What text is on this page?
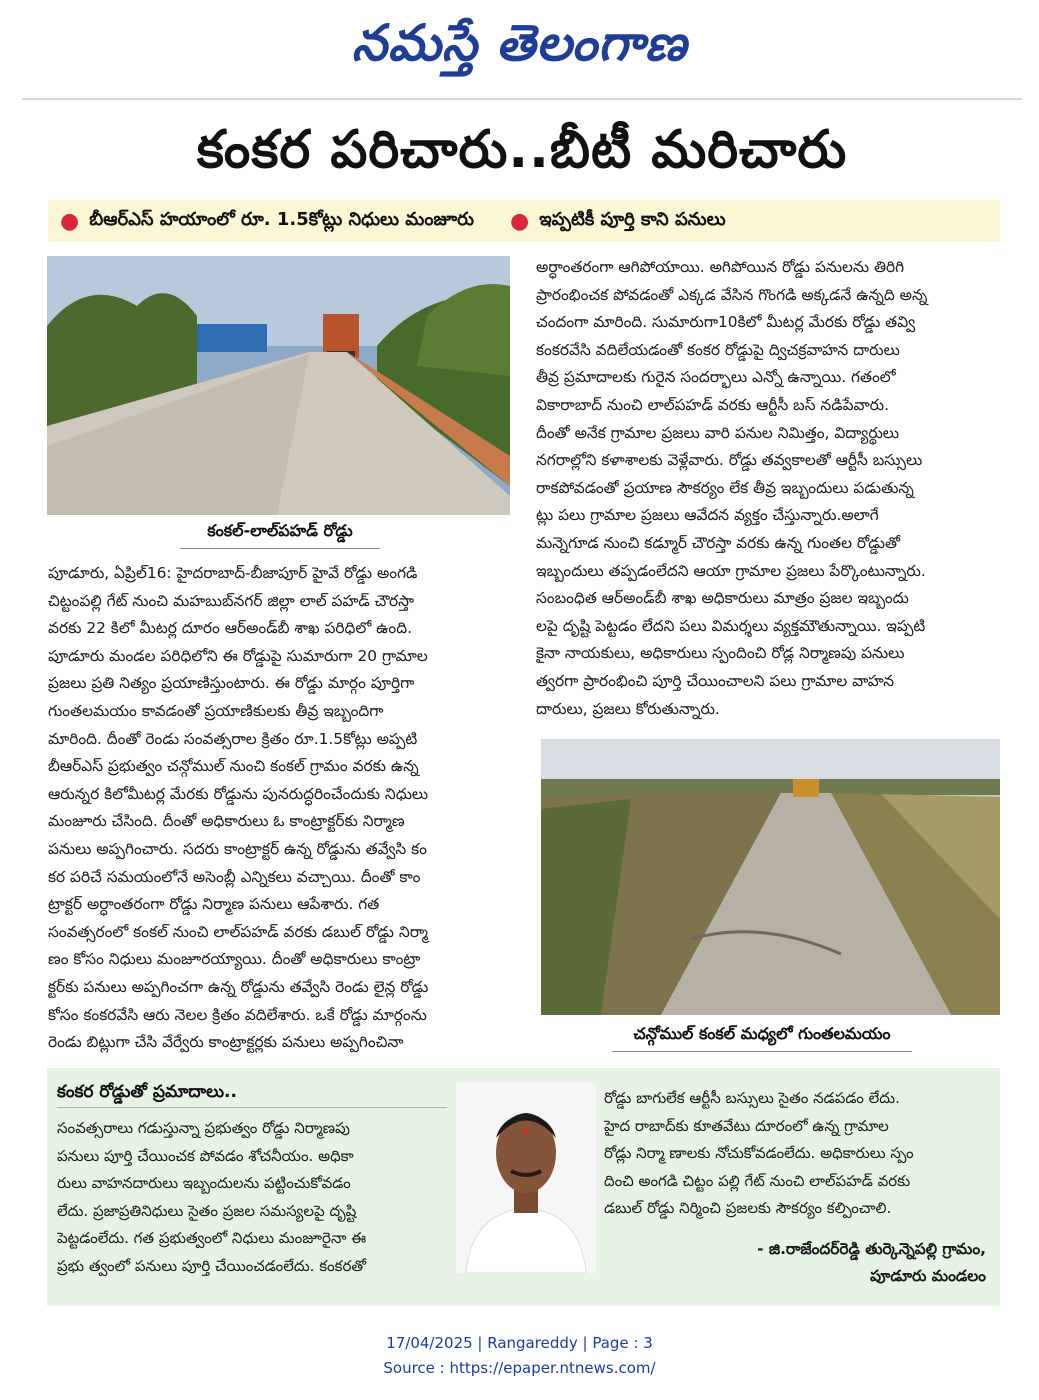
నమస్తే తెలంగాణ
కంకర పరిచారు..బీటీ మరిచారు
● బీఆర్ఎస్ హయాంలో రూ. 1.5కోట్లు నిధులు మంజూరు ● ఇప్పటికీ పూర్తి కాని పనులు
కంకల్‌-లాల్‌పహడ్ రోడ్డు
అర్ధాంతరంగా ఆగిపోయాయి. అగిపోయిన రోడ్డు పనులను తిరిగి
ప్రారంభించక పోవడంతో ఎక్కడ వేసిన గొంగడి అక్కడనే ఉన్నది అన్న
చందంగా మారింది. సుమారుగా10కిలో మీటర్ల మేరకు రోడ్డు తవ్వి
కంకరవేసి వదిలేయడంతో కంకర రోడ్డుపై ద్విచక్రవాహన దారులు
తీవ్ర ప్రమాదాలకు గురైన సందర్భాలు ఎన్నో ఉన్నాయి. గతంలో
వికారాబాద్ నుంచి లాల్‌పహడ్ వరకు ఆర్టీసీ బస్ నడిపేవారు.
దీంతో అనేక గ్రామాల ప్రజలు వారి పనుల నిమిత్తం, విద్యార్థులు
నగరాల్లోని కళాశాలకు వెళ్లేవారు. రోడ్డు తవ్వకాలతో ఆర్టీసీ బస్సులు
రాకపోవడంతో ప్రయాణ సౌకర్యం లేక తీవ్ర ఇబ్బందులు పడుతున్న
ట్లు పలు గ్రామాల ప్రజలు ఆవేదన వ్యక్తం చేస్తున్నారు.అలాగే
మన్నెగూడ నుంచి కడ్మూర్ చౌరస్తా వరకు ఉన్న గుంతల రోడ్డుతో
ఇబ్బందులు తప్పడంలేదని ఆయా గ్రామాల ప్రజలు పేర్కొంటున్నారు.
సంబంధిత ఆర్అండ్‌బీ శాఖ అధికారులు మాత్రం ప్రజల ఇబ్బందు
లపై దృష్టి పెట్టడం లేదని పలు విమర్శలు వ్యక్తమౌతున్నాయి. ఇప్పటి
కైనా నాయకులు, అధికారులు స్పందించి రోడ్ల నిర్మాణపు పనులు
త్వరగా ప్రారంభించి పూర్తి చేయించాలని పలు గ్రామాల వాహన
దారులు, ప్రజలు కోరుతున్నారు.
పూడూరు, ఏప్రిల్16: హైదరాబాద్‌-బీజాపూర్ హైవే రోడ్డు అంగడి
చిట్టంపల్లి గేట్ నుంచి మహబుబ్‌నగర్ జిల్లా లాల్ పహడ్ చౌరస్తా
వరకు 22 కిలో మీటర్ల దూరం ఆర్అండ్‌బీ శాఖ పరిధిలో ఉంది.
పూడూరు మండల పరిధిలోని ఈ రోడ్డుపై సుమారుగా 20 గ్రామాల
ప్రజలు ప్రతి నిత్యం ప్రయాణిస్తుంటారు. ఈ రోడ్డు మార్గం పూర్తిగా
గుంతలమయం కావడంతో ప్రయాణికులకు తీవ్ర ఇబ్బందిగా
మారింది. దీంతో రెండు సంవత్సరాల క్రితం రూ.1.5కోట్లు అప్పటి
బీఆర్ఎస్ ప్రభుత్వం చన్గోముల్ నుంచి కంకల్ గ్రామం వరకు ఉన్న
ఆరున్నర కిలోమీటర్ల మేరకు రోడ్డును పునరుద్ధరించేందుకు నిధులు
మంజూరు చేసింది. దీంతో అధికారులు ఓ కాంట్రాక్టర్‌కు నిర్మాణ
పనులు అప్పగించారు. సదరు కాంట్రాక్టర్ ఉన్న రోడ్డును తవ్వేసి కం
కర పరిచే సమయంలోనే అసెంబ్లీ ఎన్నికలు వచ్చాయి. దీంతో కాం
ట్రాక్టర్ అర్ధాంతరంగా రోడ్డు నిర్మాణ పనులు ఆపేశారు. గత
సంవత్సరంలో కంకల్ నుంచి లాల్‌పహడ్ వరకు డబుల్ రోడ్డు నిర్మా
ణం కోసం నిధులు మంజూరయ్యాయి. దీంతో అధికారులు కాంట్రా
క్టర్‌కు పనులు అప్పగించగా ఉన్న రోడ్డును తవ్వేసి రెండు లైన్ల రోడ్డు
కోసం కంకరవేసి ఆరు నెలల క్రితం వదిలేశారు. ఒకే రోడ్డు మార్గంను
రెండు బిట్లుగా చేసి వేర్వేరు కాంట్రాక్టర్లకు పనులు అప్పగించినా	చన్గోముల్ కంకల్ మధ్యలో గుంతలమయం
కంకర రోడ్డుతో ప్రమాదాలు..
సంవత్సరాలు గడుస్తున్నా ప్రభుత్వం రోడ్డు నిర్మాణపు
పనులు పూర్తి చేయించక పోవడం శోచనీయం. అధికా
రులు వాహనదారులు ఇబ్బందులను పట్టించుకోవడం
లేదు. ప్రజాప్రతినిధులు సైతం ప్రజల సమస్యలపై దృష్టి
పెట్టడంలేదు. గత ప్రభుత్వంలో నిధులు మంజూరైనా ఈ
ప్రభు త్వంలో పనులు పూర్తి చేయించడంలేదు. కంకరతో
రోడ్డు బాగులేక ఆర్టీసీ బస్సులు సైతం నడపడం లేదు.
హైద రాబాద్‌కు కూతవేటు దూరంలో ఉన్న గ్రామాల
రోడ్లు నిర్మా ణాలకు నోచుకోవడంలేదు. అధికారులు స్పం
దించి అంగడి చిట్టం పల్లి గేట్ నుంచి లాల్‌పహడ్ వరకు
డబుల్ రోడ్డు నిర్మించి ప్రజలకు సౌకర్యం కల్పించాలి.
- జి.రాజేందర్‌రెడ్డి తుర్కెన్నెపల్లి గ్రామం,
పూడూరు మండలం
17/04/2025 | Rangareddy | Page : 3
Source : https://epaper.ntnews.com/
